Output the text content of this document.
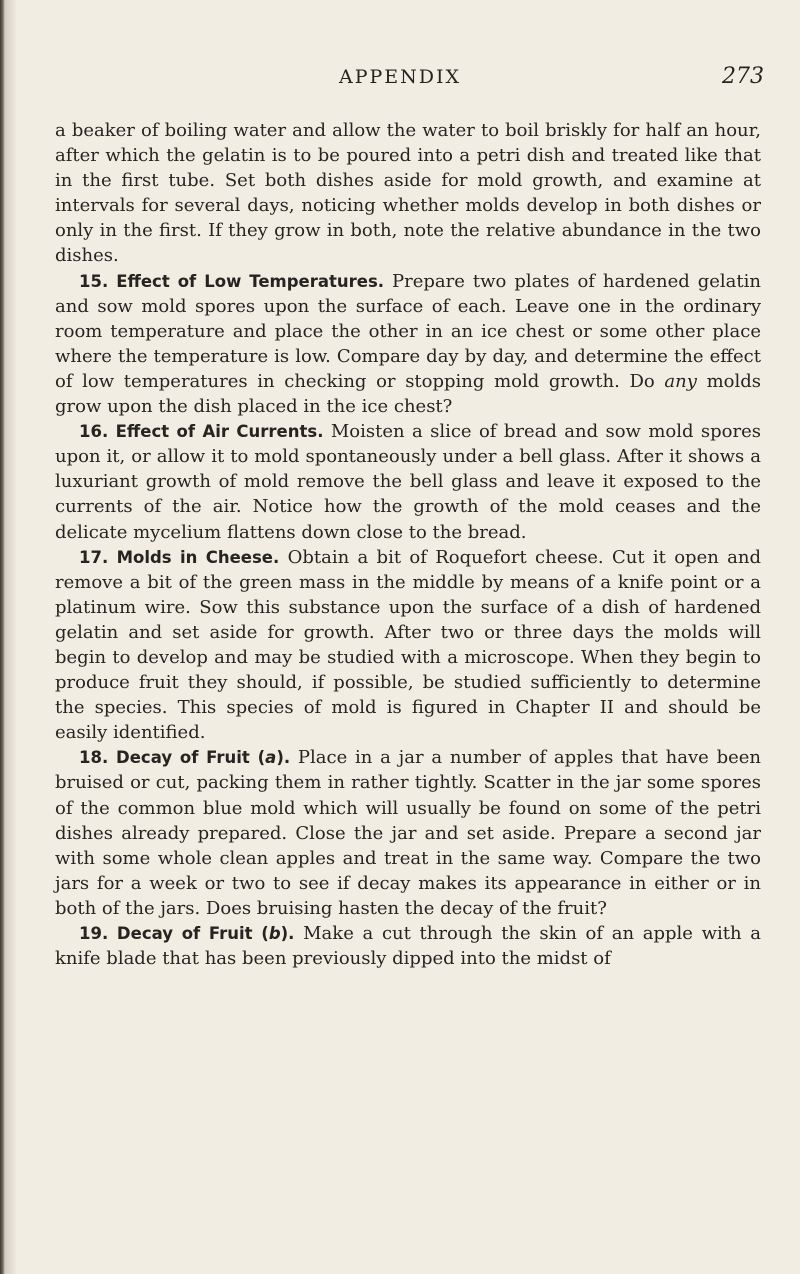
APPENDIX	273

a beaker of boiling water and allow the water to boil briskly for half an hour, after which the gelatin is to be poured into a petri dish and treated like that in the first tube. Set both dishes aside for mold growth, and examine at intervals for several days, noticing whether molds develop in both dishes or only in the first. If they grow in both, note the relative abundance in the two dishes.

15. Effect of Low Temperatures. Prepare two plates of hardened gelatin and sow mold spores upon the surface of each. Leave one in the ordinary room temperature and place the other in an ice chest or some other place where the temperature is low. Compare day by day, and determine the effect of low temperatures in checking or stopping mold growth. Do any molds grow upon the dish placed in the ice chest?

16. Effect of Air Currents. Moisten a slice of bread and sow mold spores upon it, or allow it to mold spontaneously under a bell glass. After it shows a luxuriant growth of mold remove the bell glass and leave it exposed to the currents of the air. Notice how the growth of the mold ceases and the delicate mycelium flattens down close to the bread.

17. Molds in Cheese. Obtain a bit of Roquefort cheese. Cut it open and remove a bit of the green mass in the middle by means of a knife point or a platinum wire. Sow this substance upon the surface of a dish of hardened gelatin and set aside for growth. After two or three days the molds will begin to develop and may be studied with a microscope. When they begin to produce fruit they should, if possible, be studied sufficiently to determine the species. This species of mold is figured in Chapter II and should be easily identified.

18. Decay of Fruit (a). Place in a jar a number of apples that have been bruised or cut, packing them in rather tightly. Scatter in the jar some spores of the common blue mold which will usually be found on some of the petri dishes already prepared. Close the jar and set aside. Prepare a second jar with some whole clean apples and treat in the same way. Compare the two jars for a week or two to see if decay makes its appearance in either or in both of the jars. Does bruising hasten the decay of the fruit?

19. Decay of Fruit (b). Make a cut through the skin of an apple with a knife blade that has been previously dipped into the midst of
